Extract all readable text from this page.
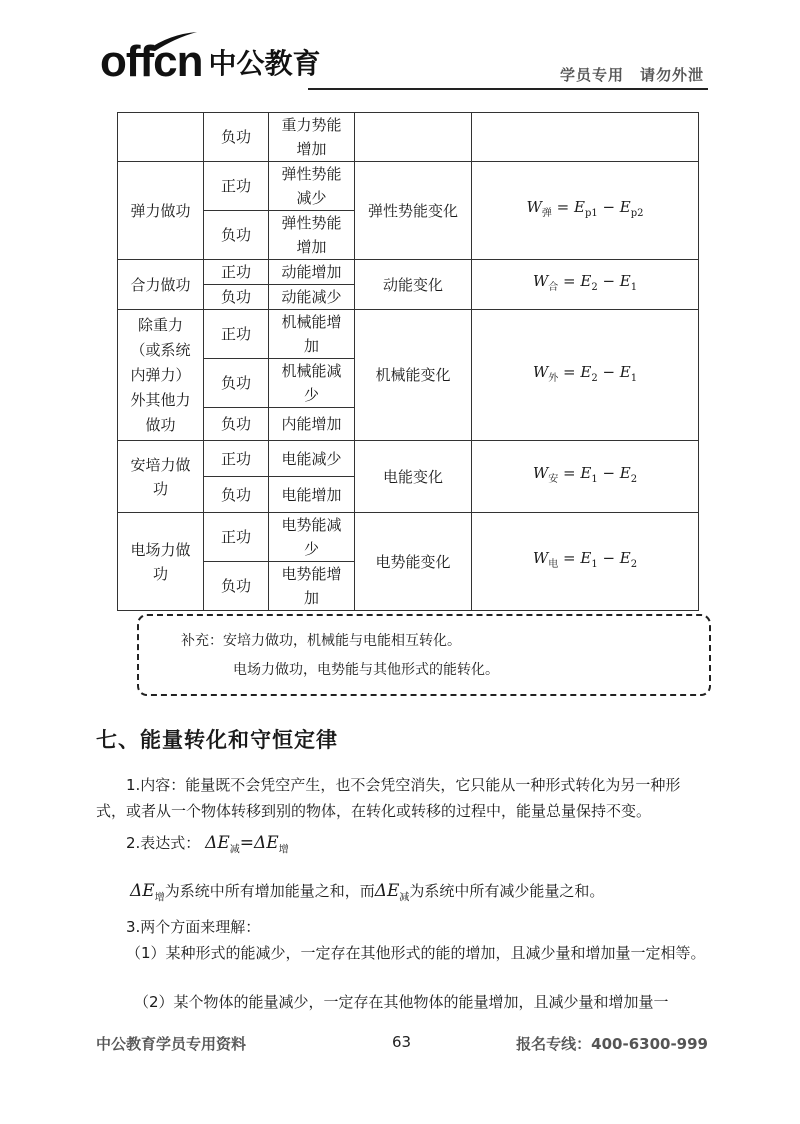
offcn 中公教育	学员专用　请勿外泄
	负功	重力势能增加		
弹力做功	正功	弹性势能减少	弹性势能变化	$W_弹 = E_{p1} - E_{p2}$
	负功	弹性势能增加		
合力做功	正功	动能增加	动能变化	$W_合 = E_2 - E_1$
	负功	动能减少		
除重力（或系统内弹力）外其他力做功	正功	机械能增加	机械能变化	$W_外 = E_2 - E_1$
	负功	机械能减少		
	负功	内能增加		
安培力做功	正功	电能减少	电能变化	$W_安 = E_1 - E_2$
	负功	电能增加		
电场力做功	正功	电势能减少	电势能变化	$W_电 = E_1 - E_2$
	负功	电势能增加		
补充：安培力做功，机械能与电能相互转化。
电场力做功，电势能与其他形式的能转化。
七、能量转化和守恒定律
1.内容：能量既不会凭空产生，也不会凭空消失，它只能从一种形式转化为另一种形式，或者从一个物体转移到别的物体，在转化或转移的过程中，能量总量保持不变。
2.表达式： $\Delta E_减=\Delta E_增$
$\Delta E_增$为系统中所有增加能量之和，而$\Delta E_减$为系统中所有减少能量之和。
3.两个方面来理解：
（1）某种形式的能减少，一定存在其他形式的能的增加，且减少量和增加量一定相等。
（2）某个物体的能量减少，一定存在其他物体的能量增加，且减少量和增加量一
中公教育学员专用资料	63	报名专线：400-6300-999
